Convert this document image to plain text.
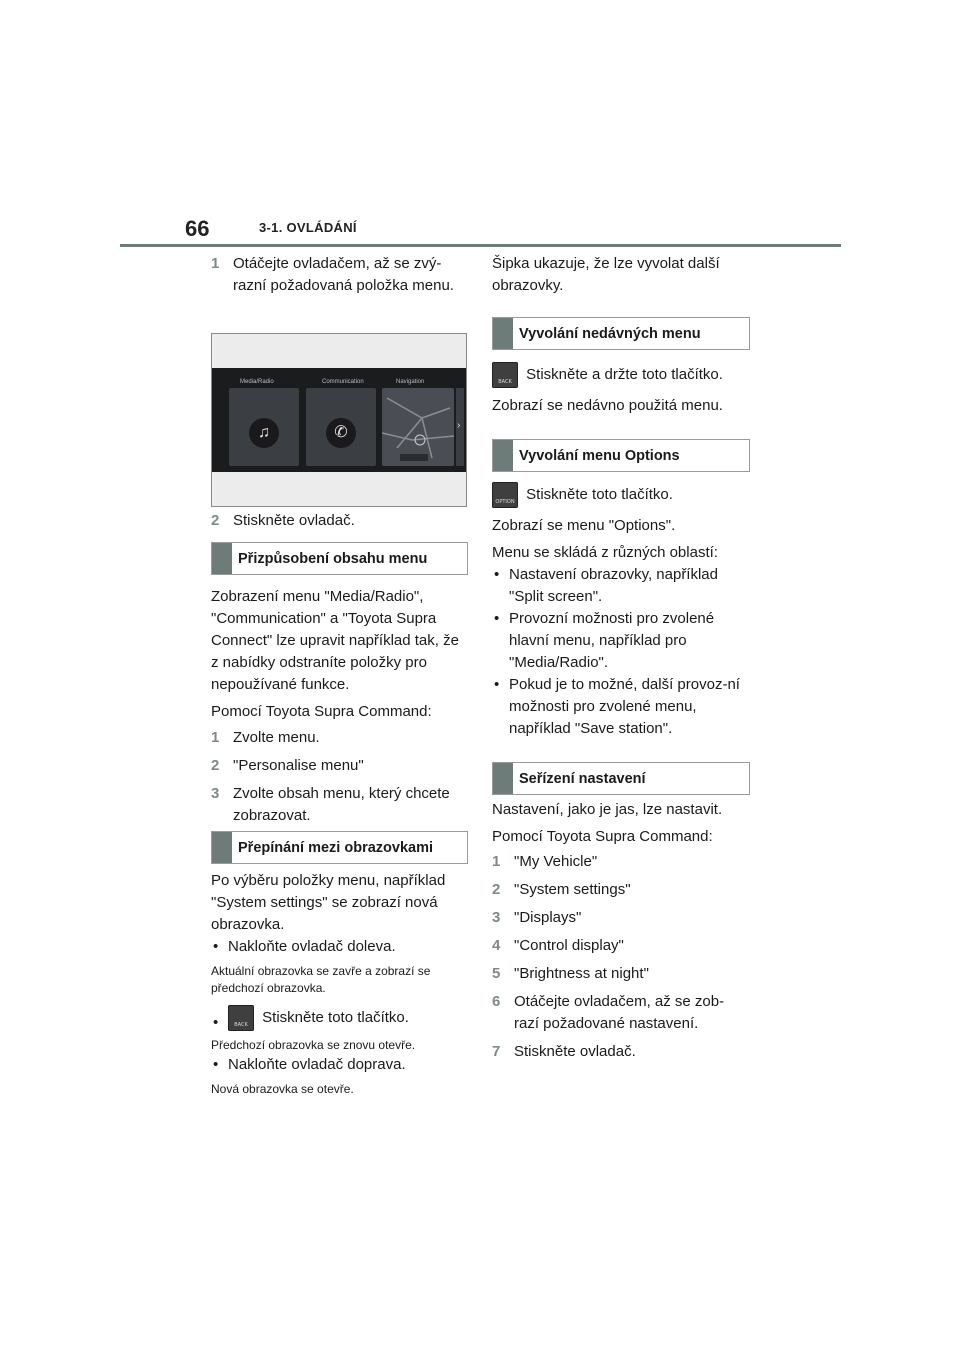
66	3-1. OVLÁDÁNÍ
1 Otáčejte ovladačem, až se zvý-razní požadovaná položka menu.
Media/Radio	Communication	Navigation
♫	✆	›
2 Stiskněte ovladač.
Přizpůsobení obsahu menu

Zobrazení menu "Media/Radio", "Communication" a "Toyota Supra Connect" lze upravit například tak, že z nabídky odstraníte položky pro nepoužívané funkce.

Pomocí Toyota Supra Command:

1 Zvolte menu.
2 "Personalise menu"
3 Zvolte obsah menu, který chcete zobrazovat.
Přepínání mezi obrazovkami

Po výběru položky menu, například "System settings" se zobrazí nová obrazovka.

• Nakloňte ovladač doleva.

Aktuální obrazovka se zavře a zobrazí se předchozí obrazovka.

•	BACK Stiskněte toto tlačítko.

Předchozí obrazovka se znovu otevře.

• Nakloňte ovladač doprava.

Nová obrazovka se otevře.

Šipka ukazuje, že lze vyvolat další obrazovky.

Vyvolání nedávných menu
BACK Stiskněte a držte toto tlačítko.

Zobrazí se nedávno použitá menu.

Vyvolání menu Options
OPTION Stiskněte toto tlačítko.

Zobrazí se menu "Options".

Menu se skládá z různých oblastí:

• Nastavení obrazovky, například "Split screen".
• Provozní možnosti pro zvolené hlavní menu, například pro "Media/Radio".
• Pokud je to možné, další provoz-ní možnosti pro zvolené menu, například "Save station".
Seřízení nastavení

Nastavení, jako je jas, lze nastavit.

Pomocí Toyota Supra Command:

1 "My Vehicle"
2 "System settings"
3 "Displays"
4 "Control display"
5 "Brightness at night"
6 Otáčejte ovladačem, až se zob-razí požadované nastavení.
7 Stiskněte ovladač.
